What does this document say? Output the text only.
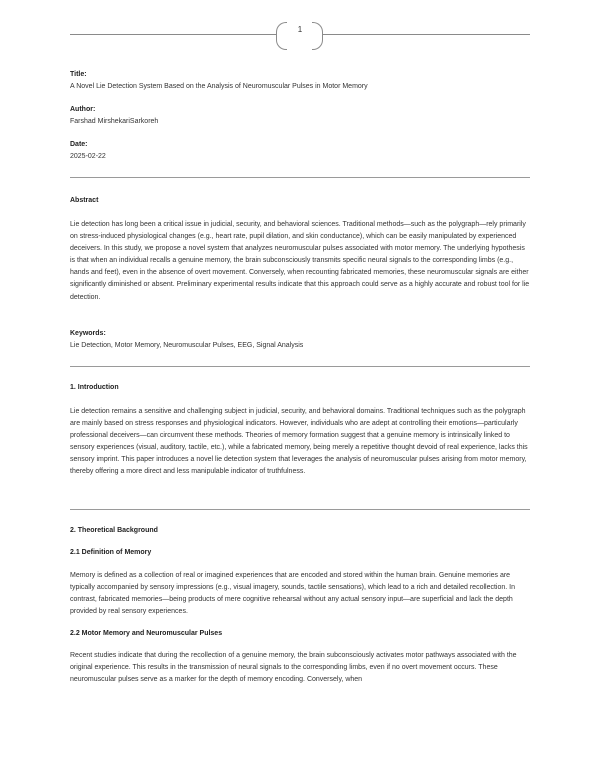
1
Title:
A Novel Lie Detection System Based on the Analysis of Neuromuscular Pulses in Motor Memory
Author:
Farshad MirshekariSarkoreh
Date:
2025-02-22
Abstract
Lie detection has long been a critical issue in judicial, security, and behavioral sciences. Traditional methods—such as the polygraph—rely primarily on stress-induced physiological changes (e.g., heart rate, pupil dilation, and skin conductance), which can be easily manipulated by experienced deceivers. In this study, we propose a novel system that analyzes neuromuscular pulses associated with motor memory. The underlying hypothesis is that when an individual recalls a genuine memory, the brain subconsciously transmits specific neural signals to the corresponding limbs (e.g., hands and feet), even in the absence of overt movement. Conversely, when recounting fabricated memories, these neuromuscular signals are either significantly diminished or absent. Preliminary experimental results indicate that this approach could serve as a highly accurate and robust tool for lie detection.
Keywords:
Lie Detection, Motor Memory, Neuromuscular Pulses, EEG, Signal Analysis
1. Introduction
Lie detection remains a sensitive and challenging subject in judicial, security, and behavioral domains. Traditional techniques such as the polygraph are mainly based on stress responses and physiological indicators. However, individuals who are adept at controlling their emotions—particularly professional deceivers—can circumvent these methods. Theories of memory formation suggest that a genuine memory is intrinsically linked to sensory experiences (visual, auditory, tactile, etc.), while a fabricated memory, being merely a repetitive thought devoid of real experience, lacks this sensory imprint. This paper introduces a novel lie detection system that leverages the analysis of neuromuscular pulses arising from motor memory, thereby offering a more direct and less manipulable indicator of truthfulness.
2. Theoretical Background
2.1 Definition of Memory
Memory is defined as a collection of real or imagined experiences that are encoded and stored within the human brain. Genuine memories are typically accompanied by sensory impressions (e.g., visual imagery, sounds, tactile sensations), which lead to a rich and detailed recollection. In contrast, fabricated memories—being products of mere cognitive rehearsal without any actual sensory input—are superficial and lack the depth provided by real sensory experiences.
2.2 Motor Memory and Neuromuscular Pulses
Recent studies indicate that during the recollection of a genuine memory, the brain subconsciously activates motor pathways associated with the original experience. This results in the transmission of neural signals to the corresponding limbs, even if no overt movement occurs. These neuromuscular pulses serve as a marker for the depth of memory encoding. Conversely, when
